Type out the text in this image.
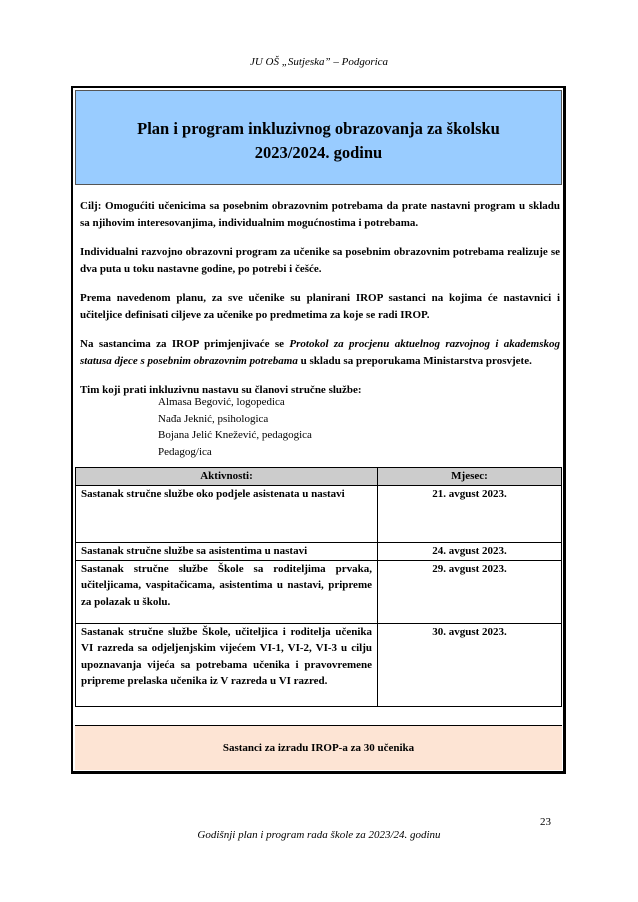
JU OŠ „Sutjeska” – Podgorica
Plan i program inkluzivnog obrazovanja za školsku 2023/2024. godinu

Cilj: Omogućiti učenicima sa posebnim obrazovnim potrebama da prate nastavni program u skladu sa njihovim interesovanjima, individualnim mogućnostima i potrebama.

Individualni razvojno obrazovni program za učenike sa posebnim obrazovnim potrebama realizuje se dva puta u toku nastavne godine, po potrebi i češće.

Prema navedenom planu, za sve učenike su planirani IROP sastanci na kojima će nastavnici i učiteljice definisati ciljeve za učenike po predmetima za koje se radi IROP.

Na sastancima za IROP primjenjivaće se Protokol za procjenu aktuelnog razvojnog i akademskog statusa djece s posebnim obrazovnim potrebama u skladu sa preporukama Ministarstva prosvjete.

Tim koji prati inkluzivnu nastavu su članovi stručne službe:

Almasa Begović, logopedica
Nađa Jeknić, psihologica
Bojana Jelić Knežević, pedagogica
Pedagog/ica
Aktivnosti:	Mjesec:
Sastanak stručne službe oko podjele asistenata u nastavi	21. avgust 2023.
Sastanak stručne službe sa asistentima u nastavi	24. avgust 2023.
Sastanak stručne službe Škole sa roditeljima prvaka, učiteljicama, vaspitačicama, asistentima u nastavi, pripreme za polazak u školu.	29. avgust 2023.
Sastanak stručne službe Škole, učiteljica i roditelja učenika VI razreda sa odjeljenjskim vijećem VI-1, VI-2, VI-3 u cilju upoznavanja vijeća sa potrebama učenika i pravovremene pripreme prelaska učenika iz V razreda u VI razred.	30. avgust 2023.
Sastanci za izradu IROP-a za 30 učenika
23
Godišnji plan i program rada škole za 2023/24. godinu
